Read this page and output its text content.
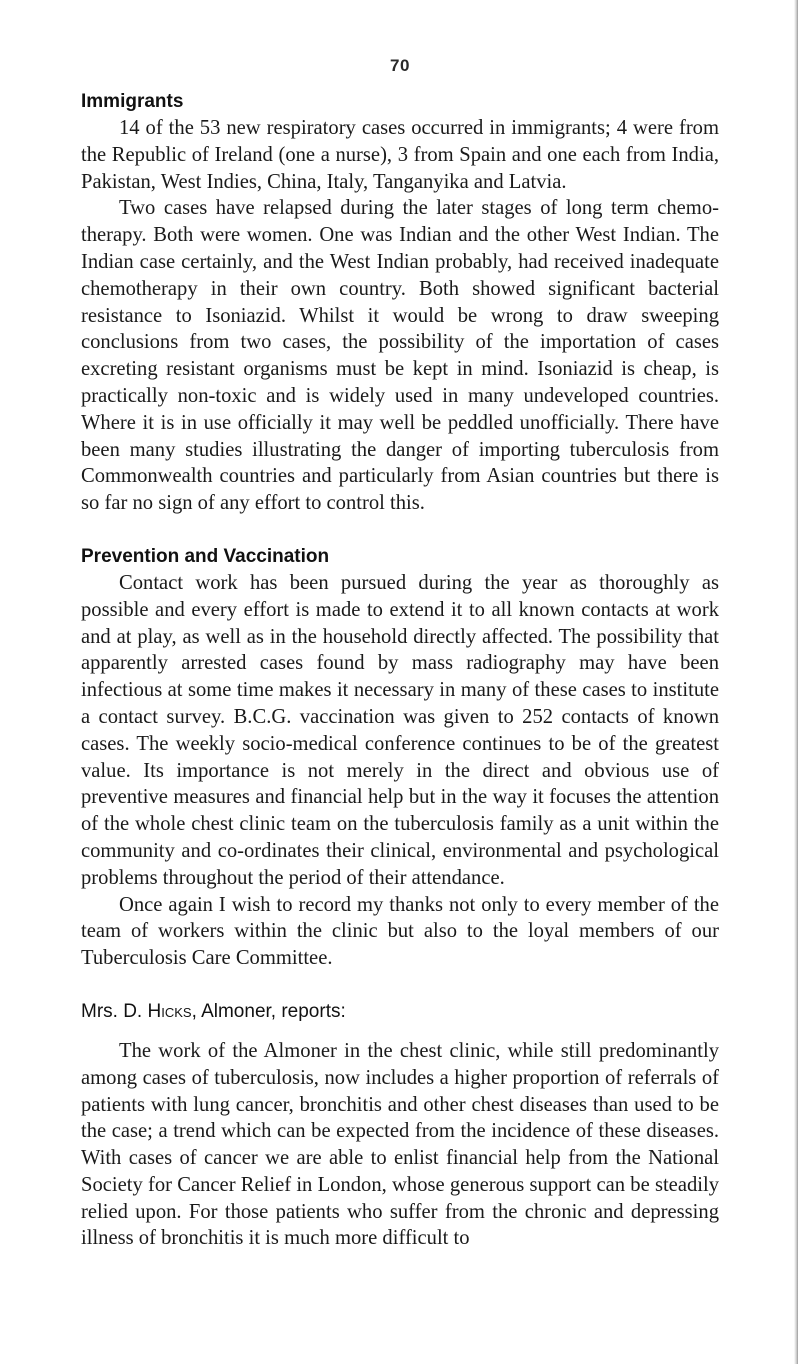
70
Immigrants

14 of the 53 new respiratory cases occurred in immigrants; 4 were from the Republic of Ireland (one a nurse), 3 from Spain and one each from India, Pakistan, West Indies, China, Italy, Tanganyika and Latvia.

Two cases have relapsed during the later stages of long term chemo-therapy. Both were women. One was Indian and the other West Indian. The Indian case certainly, and the West Indian probably, had received inadequate chemotherapy in their own country. Both showed significant bacterial resistance to Isoniazid. Whilst it would be wrong to draw sweeping conclusions from two cases, the possibility of the importation of cases excreting resistant organisms must be kept in mind. Isoniazid is cheap, is practically non-toxic and is widely used in many undeveloped countries. Where it is in use officially it may well be peddled unofficially. There have been many studies illustrating the danger of importing tuberculosis from Commonwealth countries and particularly from Asian countries but there is so far no sign of any effort to control this.

Prevention and Vaccination

Contact work has been pursued during the year as thoroughly as possible and every effort is made to extend it to all known contacts at work and at play, as well as in the household directly affected. The possibility that apparently arrested cases found by mass radiography may have been infectious at some time makes it necessary in many of these cases to institute a contact survey. B.C.G. vaccination was given to 252 contacts of known cases. The weekly socio-medical conference continues to be of the greatest value. Its importance is not merely in the direct and obvious use of preventive measures and financial help but in the way it focuses the attention of the whole chest clinic team on the tuberculosis family as a unit within the community and co-ordinates their clinical, environmental and psychological problems throughout the period of their attendance.

Once again I wish to record my thanks not only to every member of the team of workers within the clinic but also to the loyal members of our Tuberculosis Care Committee.

Mrs. D. Hicks, Almoner, reports:

The work of the Almoner in the chest clinic, while still predominantly among cases of tuberculosis, now includes a higher proportion of referrals of patients with lung cancer, bronchitis and other chest diseases than used to be the case; a trend which can be expected from the incidence of these diseases. With cases of cancer we are able to enlist financial help from the National Society for Cancer Relief in London, whose generous support can be steadily relied upon. For those patients who suffer from the chronic and depressing illness of bronchitis it is much more difficult to
